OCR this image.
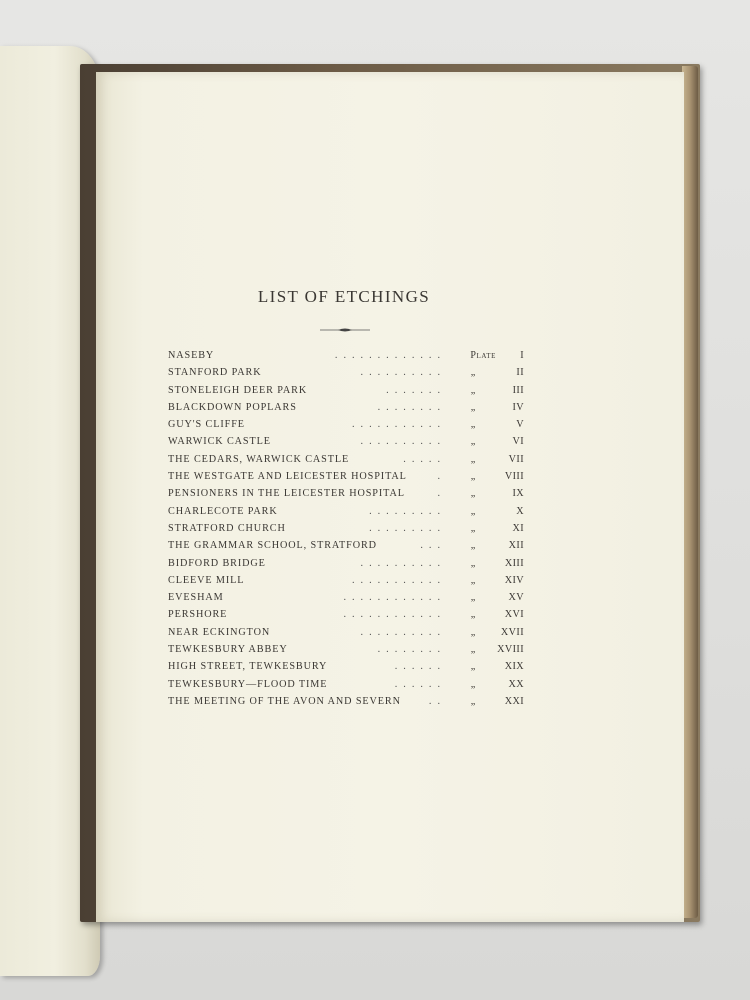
LIST OF ETCHINGS
NASEBY	............. Plate	I
STANFORD PARK	..........	„	II
STONELEIGH DEER PARK	.......	„	III
BLACKDOWN POPLARS	........	„	IV
GUY'S CLIFFE	...........	„	V
WARWICK CASTLE	..........	„	VI
THE CEDARS, WARWICK CASTLE	.....	„	VII
THE WESTGATE AND LEICESTER HOSPITAL	.	„	VIII
PENSIONERS IN THE LEICESTER HOSPITAL	.	„	IX
CHARLECOTE PARK	.........	„	X
STRATFORD CHURCH	.........	„	XI
THE GRAMMAR SCHOOL, STRATFORD	...	„	XII
BIDFORD BRIDGE	..........	„	XIII
CLEEVE MILL	...........	„	XIV
EVESHAM	............	„	XV
PERSHORE	............	„	XVI
NEAR ECKINGTON	..........	„	XVII
TEWKESBURY ABBEY	........	„	XVIII
HIGH STREET, TEWKESBURY	......	„	XIX
TEWKESBURY—FLOOD TIME	......	„	XX
THE MEETING OF THE AVON AND SEVERN	..	„	XXI
